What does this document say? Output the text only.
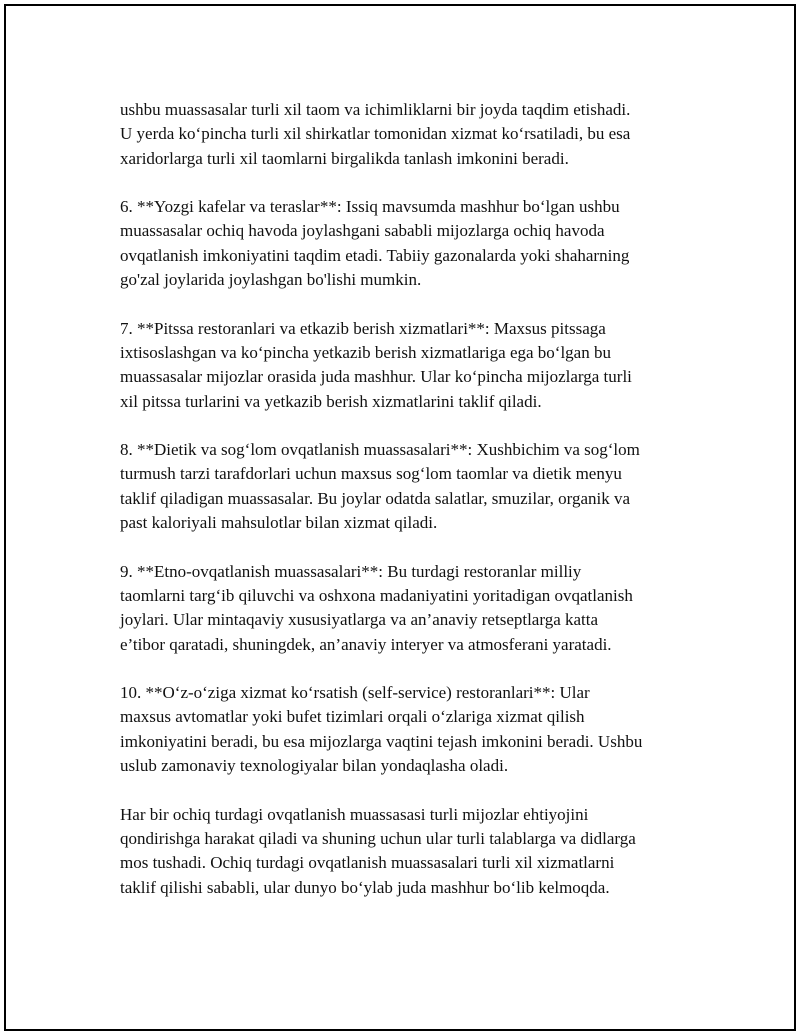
ushbu muassasalar turli xil taom va ichimliklarni bir joyda taqdim etishadi.
U yerda ko‘pincha turli xil shirkatlar tomonidan xizmat ko‘rsatiladi, bu esa
xaridorlarga turli xil taomlarni birgalikda tanlash imkonini beradi.

6. **Yozgi kafelar va teraslar**: Issiq mavsumda mashhur bo‘lgan ushbu
muassasalar ochiq havoda joylashgani sababli mijozlarga ochiq havoda
ovqatlanish imkoniyatini taqdim etadi. Tabiiy gazonalarda yoki shaharning
go'zal joylarida joylashgan bo'lishi mumkin.

7. **Pitssa restoranlari va etkazib berish xizmatlari**: Maxsus pitssaga
ixtisoslashgan va ko‘pincha yetkazib berish xizmatlariga ega bo‘lgan bu
muassasalar mijozlar orasida juda mashhur. Ular ko‘pincha mijozlarga turli
xil pitssa turlarini va yetkazib berish xizmatlarini taklif qiladi.

8. **Dietik va sog‘lom ovqatlanish muassasalari**: Xushbichim va sog‘lom
turmush tarzi tarafdorlari uchun maxsus sog‘lom taomlar va dietik menyu
taklif qiladigan muassasalar. Bu joylar odatda salatlar, smuzilar, organik va
past kaloriyali mahsulotlar bilan xizmat qiladi.

9. **Etno-ovqatlanish muassasalari**: Bu turdagi restoranlar milliy
taomlarni targ‘ib qiluvchi va oshxona madaniyatini yoritadigan ovqatlanish
joylari. Ular mintaqaviy xususiyatlarga va an’anaviy retseptlarga katta
e’tibor qaratadi, shuningdek, an’anaviy interyer va atmosferani yaratadi.

10. **O‘z-o‘ziga xizmat ko‘rsatish (self-service) restoranlari**: Ular
maxsus avtomatlar yoki bufet tizimlari orqali o‘zlariga xizmat qilish
imkoniyatini beradi, bu esa mijozlarga vaqtini tejash imkonini beradi. Ushbu
uslub zamonaviy texnologiyalar bilan yondaqlasha oladi.

Har bir ochiq turdagi ovqatlanish muassasasi turli mijozlar ehtiyojini
qondirishga harakat qiladi va shuning uchun ular turli talablarga va didlarga
mos tushadi. Ochiq turdagi ovqatlanish muassasalari turli xil xizmatlarni
taklif qilishi sababli, ular dunyo bo‘ylab juda mashhur bo‘lib kelmoqda.
